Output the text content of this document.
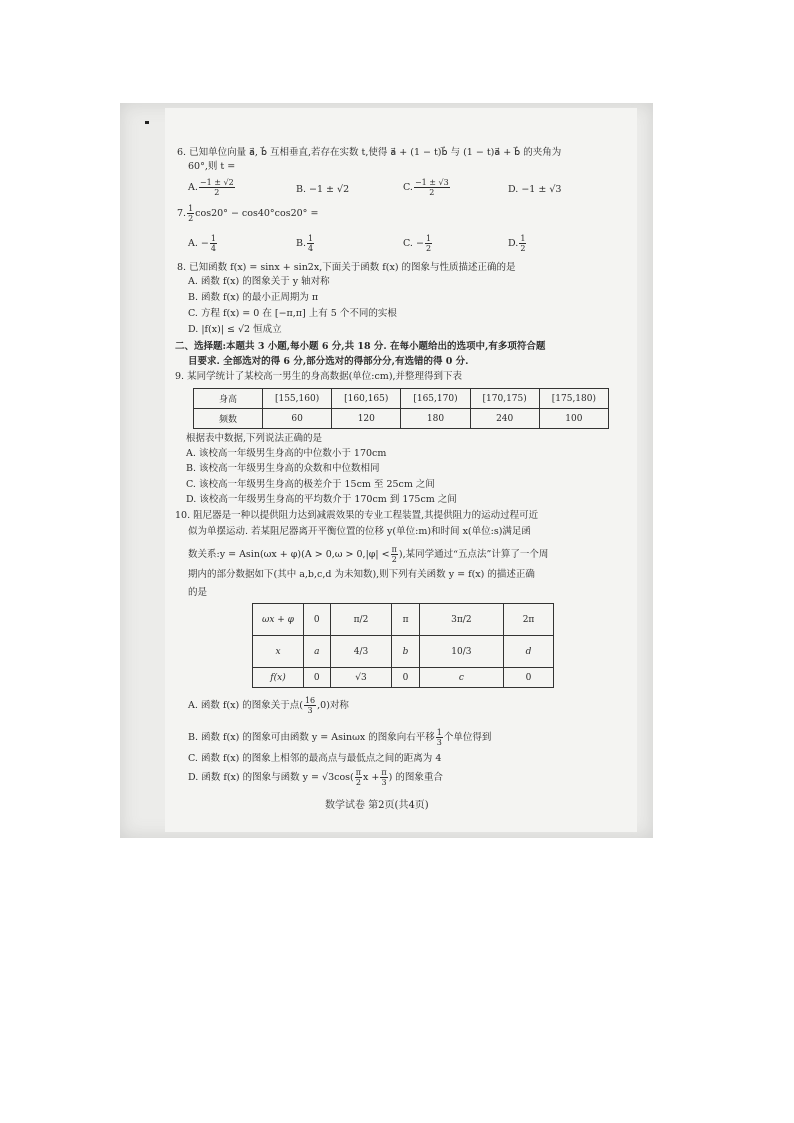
6. 已知单位向量 a⃗, b⃗ 互相垂直,若存在实数 t,使得 a⃗ + (1 − t)b⃗ 与 (1 − t)a⃗ + b⃗ 的夹角为
60°,则 t =
A. $\frac{-1 \pm √2}{2}$	B. −1 ± √2	C. $\frac{-1 \pm √3}{2}$	D. −1 ± √3
7. $\frac{1}{2} \cos 20^\circ - \cos 40^\circ\cos 20^\circ$ =
A. − $\frac{1}{4}$	B. $\frac{1}{4}$	C. − $\frac{1}{2}$	D. $\frac{1}{2}$
8. 已知函数 f(x) = sinx + sin2x,下面关于函数 f(x) 的图象与性质描述正确的是
A. 函数 f(x) 的图象关于 y 轴对称
B. 函数 f(x) 的最小正周期为 π
C. 方程 f(x) = 0 在 [−π,π] 上有 5 个不同的实根
D. |f(x)| ≤ √2 恒成立
二、选择题:本题共 3 小题,每小题 6 分,共 18 分. 在每小题给出的选项中,有多项符合题
目要求. 全部选对的得 6 分,部分选对的得部分分,有选错的得 0 分.
9. 某同学统计了某校高一男生的身高数据(单位:cm),并整理得到下表
身高	[155,160)	[160,165)	[165,170)	[170,175)	[175,180)
频数	60	120	180	240	100
根据表中数据,下列说法正确的是
A. 该校高一年级男生身高的中位数小于 170cm
B. 该校高一年级男生身高的众数和中位数相同
C. 该校高一年级男生身高的极差介于 15cm 至 25cm 之间
D. 该校高一年级男生身高的平均数介于 170cm 到 175cm 之间
10. 阻尼器是一种以提供阻力达到减震效果的专业工程装置,其提供阻力的运动过程可近
似为单摆运动. 若某阻尼器离开平衡位置的位移 y(单位:m)和时间 x(单位:s)满足函
数关系:y = $Asin(\omega x + \varphi)(A > 0,\omega > 0,|\varphi| < \frac{\pi}{2}$ ),某同学通过“五点法”计算了一个周
期内的部分数据如下(其中 a,b,c,d 为未知数),则下列有关函数 y = f(x) 的描述正确
的是
ωx + φ	0	π/2	π	3π/2	2π
x	a	4/3	b	10/3	d
f(x)	0	√3	0	c	0
A. 函数 f(x) 的图象关于点( $\frac{16}{3} ,0$)对称
B. 函数 f(x) 的图象可由函数 y = Asinωx 的图象向右平移 $\frac{1}{3}$ 个单位得到
C. 函数 f(x) 的图象上相邻的最高点与最低点之间的距离为 4
D. 函数 f(x) 的图象与函数 $y = √3\cos( \frac{\pi}{2}$ $x + \frac{\pi}{3}$ ) 的图象重合
数学试卷 第2页(共4页)
